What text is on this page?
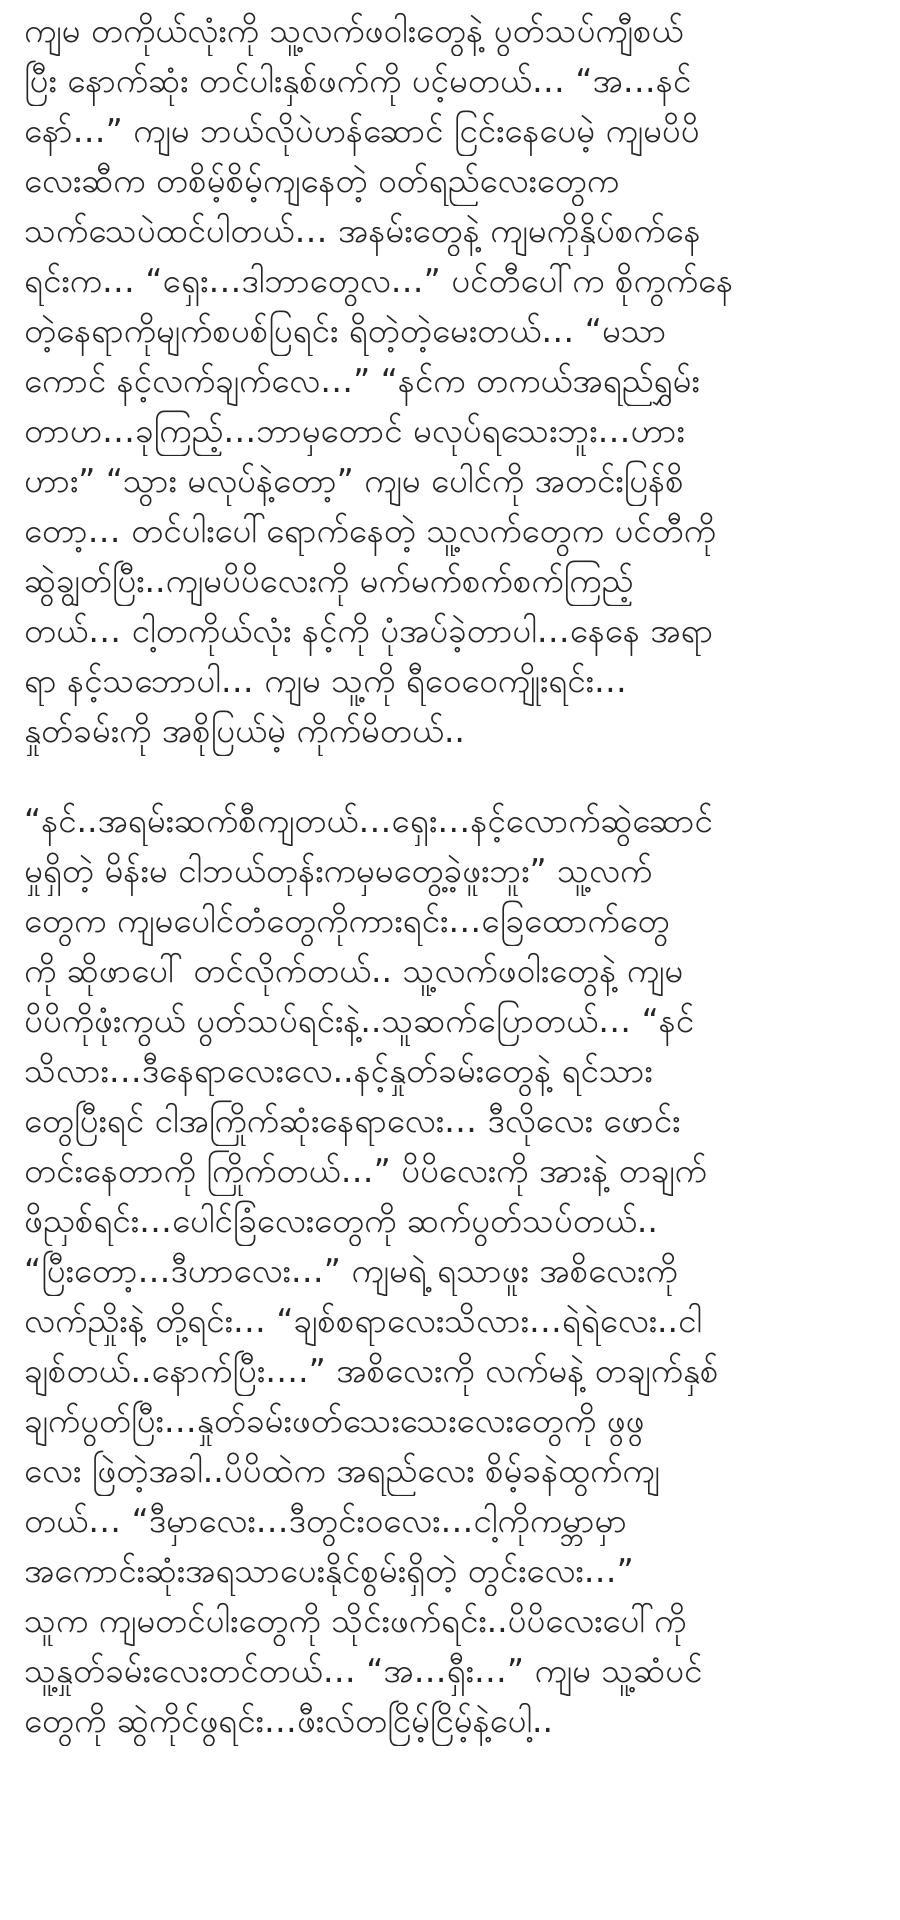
ကျမ တကိုယ်လုံးကို သူ့လက်ဖဝါးတွေနဲ့ ပွတ်သပ်ကျီစယ်
ပြီး နောက်ဆုံး တင်ပါးနှစ်ဖက်ကို ပင့်မတယ်… “အ…နင်
နော်…” ကျမ ဘယ်လိုပဲဟန်ဆောင် ငြင်းနေပေမဲ့ ကျမပိပိ
လေးဆီက တစိမ့်စိမ့်ကျနေတဲ့ ဝတ်ရည်လေးတွေက
သက်သေပဲထင်ပါတယ်… အနမ်းတွေနဲ့ ကျမကိုနှိပ်စက်နေ
ရင်းက… “ရှေး…ဒါဘာတွေလ…” ပင်တီပေါ်က စိုကွက်နေ
တဲ့နေရာကိုမျက်စပစ်ပြရင်း ရိတဲ့တဲ့မေးတယ်… “မသာ
ကောင် နင့်လက်ချက်လေ…” “နင်က တကယ်အရည်ရွှမ်း
တာဟ…ခုကြည့်…ဘာမှတောင် မလုပ်ရသေးဘူး…ဟား
ဟား” “သွား မလုပ်နဲ့တော့” ကျမ ပေါင်ကို အတင်းပြန်စိ
တော့… တင်ပါးပေါ်ရောက်နေတဲ့ သူ့လက်တွေက ပင်တီကို
ဆွဲချွတ်ပြီး..ကျမပိပိလေးကို မက်မက်စက်စက်ကြည့်
တယ်… ငါ့တကိုယ်လုံး နင့်ကို ပုံအပ်ခဲ့တာပါ…နေနေ အရာ
ရာ နင့်သဘောပါ… ကျမ သူ့ကို ရီဝေဝေကျိုးရင်း…
နှုတ်ခမ်းကို အစိုပြယ်မဲ့ ကိုက်မိတယ်..
“နင်..အရမ်းဆက်စီကျတယ်…ရှေး…နင့်လောက်ဆွဲဆောင်
မှုရှိတဲ့ မိန်းမ ငါဘယ်တုန်းကမှမတွေ့ခဲ့ဖူးဘူး” သူ့လက်
တွေက ကျမပေါင်တံတွေကိုကားရင်း…ခြေထောက်တွေ
ကို ဆိုဖာပေါ် တင်လိုက်တယ်.. သူ့လက်ဖဝါးတွေနဲ့ ကျမ
ပိပိကိုဖုံးကွယ် ပွတ်သပ်ရင်းနဲ့..သူဆက်ပြောတယ်… “နင်
သိလား…ဒီနေရာလေးလေ..နင့်နှုတ်ခမ်းတွေနဲ့ ရင်သား
တွေပြီးရင် ငါအကြိုက်ဆုံးနေရာလေး… ဒီလိုလေး ဖောင်း
တင်းနေတာကို ကြိုက်တယ်…” ပိပိလေးကို အားနဲ့ တချက်
ဖိညှစ်ရင်း…ပေါင်ခြံလေးတွေကို ဆက်ပွတ်သပ်တယ်..
“ပြီးတော့…ဒီဟာလေး…” ကျမရဲ့ ရသာဖူး အစိလေးကို
လက်ညှိုးနဲ့ တို့ရင်း… “ချစ်စရာလေးသိလား…ရဲရဲလေး..ငါ
ချစ်တယ်..နောက်ပြီး….” အစိလေးကို လက်မနဲ့ တချက်နှစ်
ချက်ပွတ်ပြီး…နှုတ်ခမ်းဖတ်သေးသေးလေးတွေကို ဖွဖွ
လေး ဖြဲတဲ့အခါ..ပိပိထဲက အရည်လေး စိမ့်ခနဲထွက်ကျ
တယ်… “ဒီမှာလေး…ဒီတွင်းဝလေး…ငါ့ကိုကမ္ဘာမှာ
အကောင်းဆုံးအရသာပေးနိုင်စွမ်းရှိတဲ့ တွင်းလေး…”
သူက ကျမတင်ပါးတွေကို သိုင်းဖက်ရင်း..ပိပိလေးပေါ်ကို
သူ့နှုတ်ခမ်းလေးတင်တယ်… “အ…ရှီး…” ကျမ သူ့ဆံပင်
တွေကို ဆွဲကိုင်ဖွရင်း…ဖီးလ်တငြိမ့်ငြိမ့်နဲ့ပေါ့..
